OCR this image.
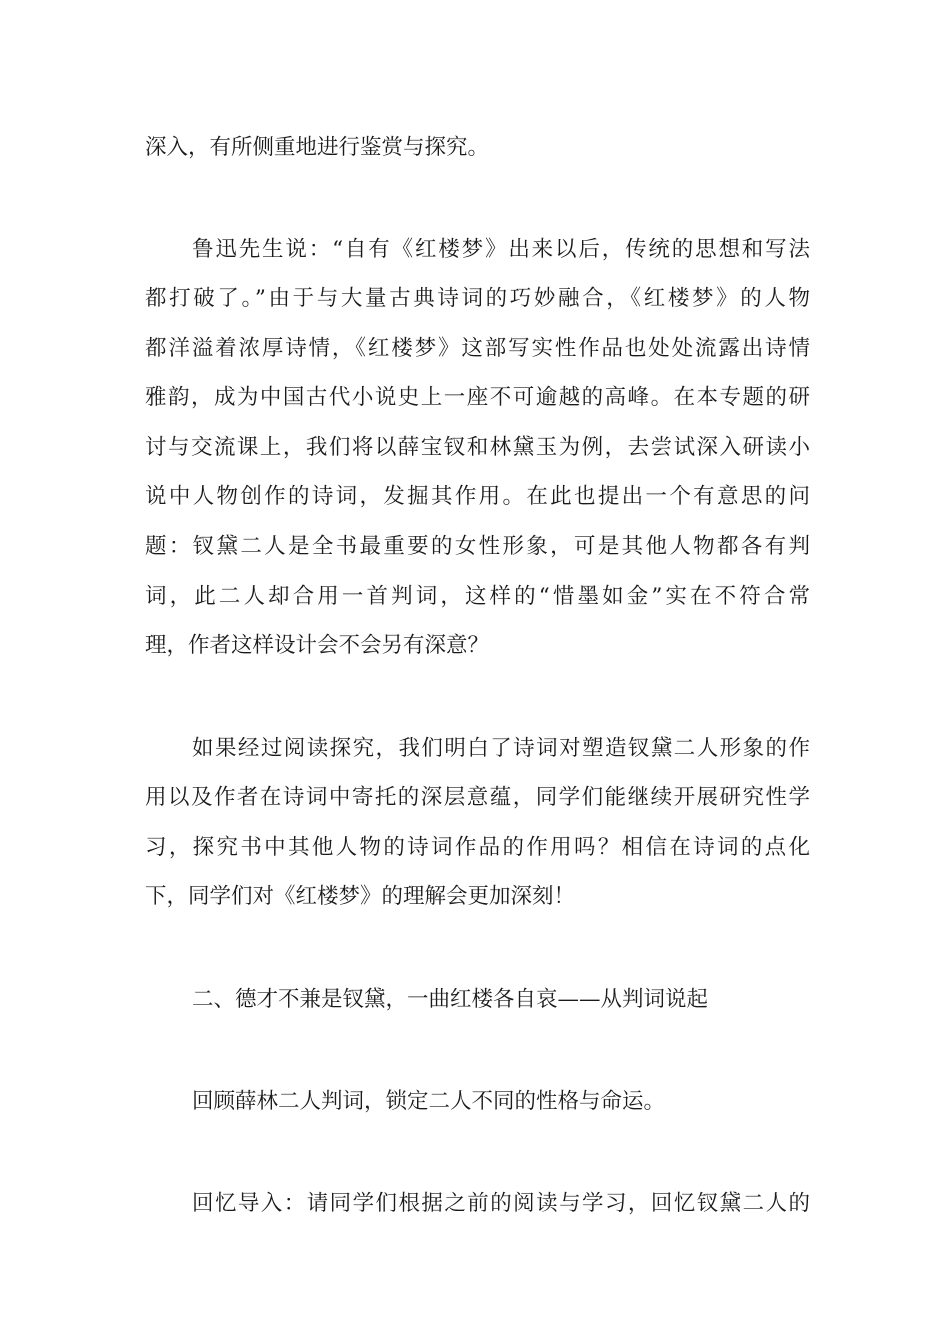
深入，有所侧重地进行鉴赏与探究。
鲁迅先生说：“自有《红楼梦》出来以后，传统的思想和写法
都打破了。”由于与大量古典诗词的巧妙融合，《红楼梦》的人物
都洋溢着浓厚诗情，《红楼梦》这部写实性作品也处处流露出诗情
雅韵，成为中国古代小说史上一座不可逾越的高峰。在本专题的研
讨与交流课上，我们将以薛宝钗和林黛玉为例，去尝试深入研读小
说中人物创作的诗词，发掘其作用。在此也提出一个有意思的问
题：钗黛二人是全书最重要的女性形象，可是其他人物都各有判
词，此二人却合用一首判词，这样的“惜墨如金”实在不符合常
理，作者这样设计会不会另有深意？
如果经过阅读探究，我们明白了诗词对塑造钗黛二人形象的作
用以及作者在诗词中寄托的深层意蕴，同学们能继续开展研究性学
习，探究书中其他人物的诗词作品的作用吗？相信在诗词的点化
下，同学们对《红楼梦》的理解会更加深刻！
二、德才不兼是钗黛，一曲红楼各自哀——从判词说起
回顾薛林二人判词，锁定二人不同的性格与命运。
回忆导入：请同学们根据之前的阅读与学习，回忆钗黛二人的
